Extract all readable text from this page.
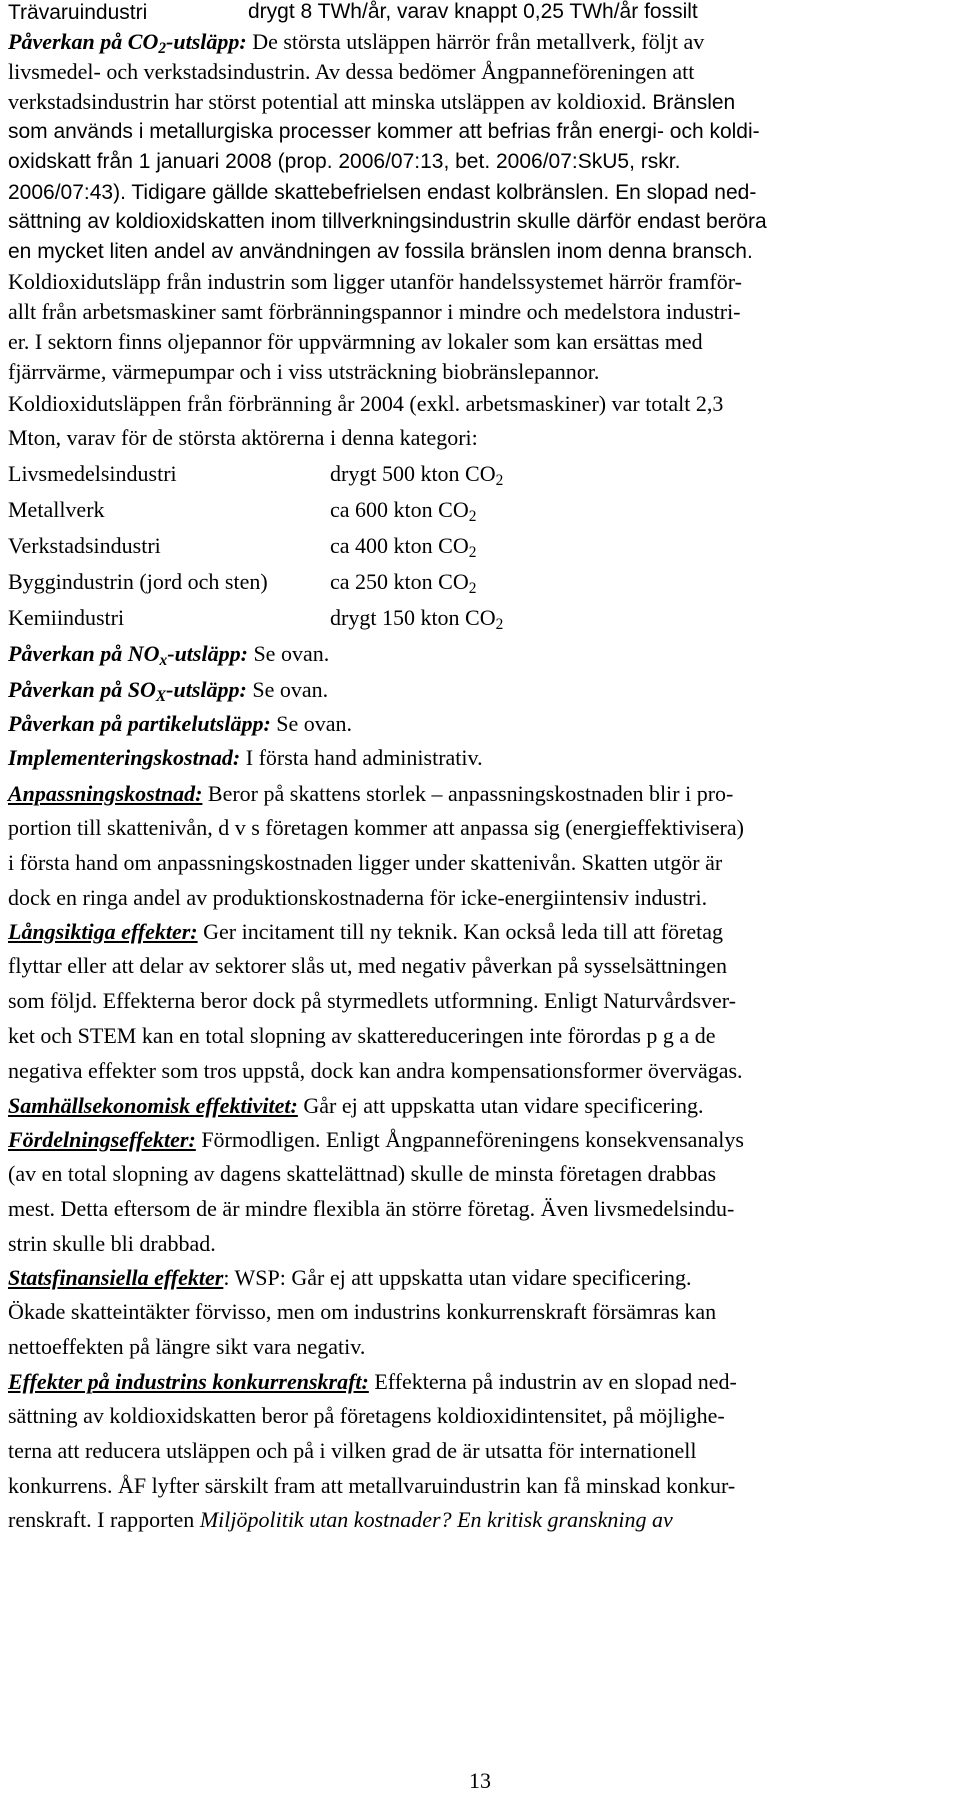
Trävaruindustri	drygt 8 TWh/år, varav knappt 0,25 TWh/år fossilt
Påverkan på $CO_2$-utsläpp: De största utsläppen härrör från metallverk, följt av
livsmedel- och verkstadsindustrin. Av dessa bedömer Ångpanneföreningen att
verkstadsindustrin har störst potential att minska utsläppen av koldioxid. Bränslen
som används i metallurgiska processer kommer att befrias från energi- och koldi-
oxidskatt från 1 januari 2008 (prop. 2006/07:13, bet. 2006/07:SkU5, rskr.
2006/07:43). Tidigare gällde skattebefrielsen endast kolbränslen. En slopad ned-
sättning av koldioxidskatten inom tillverkningsindustrin skulle därför endast beröra
en mycket liten andel av användningen av fossila bränslen inom denna bransch.
Koldioxidutsläpp från industrin som ligger utanför handelssystemet härrör framför-
allt från arbetsmaskiner samt förbränningspannor i mindre och medelstora industri-
er. I sektorn finns oljepannor för uppvärmning av lokaler som kan ersättas med
fjärrvärme, värmepumpar och i viss utsträckning biobränslepannor.
Koldioxidutsläppen från förbränning år 2004 (exkl. arbetsmaskiner) var totalt 2,3
Mton, varav för de största aktörerna i denna kategori:
Livsmedelsindustri	drygt 500 kton $CO_2$
Metallverk	ca 600 kton $CO_2$
Verkstadsindustri	ca 400 kton $CO_2$
Byggindustrin (jord och sten)	ca 250 kton $CO_2$
Kemiindustri	drygt 150 kton $CO_2$
Påverkan på $NO_x$-utsläpp: Se ovan.
Påverkan på $SO_X$-utsläpp: Se ovan.
Påverkan på partikelutsläpp: Se ovan.
Implementeringskostnad: I första hand administrativ.
Anpassningskostnad: Beror på skattens storlek – anpassningskostnaden blir i pro-
portion till skattenivån, d v s företagen kommer att anpassa sig (energieffektivisera)
i första hand om anpassningskostnaden ligger under skattenivån. Skatten utgör är
dock en ringa andel av produktionskostnaderna för icke-energiintensiv industri.
Långsiktiga effekter: Ger incitament till ny teknik. Kan också leda till att företag
flyttar eller att delar av sektorer slås ut, med negativ påverkan på sysselsättningen
som följd. Effekterna beror dock på styrmedlets utformning. Enligt Naturvårdsver-
ket och STEM kan en total slopning av skattereduceringen inte förordas p g a de
negativa effekter som tros uppstå, dock kan andra kompensationsformer övervägas.
Samhällsekonomisk effektivitet: Går ej att uppskatta utan vidare specificering.
Fördelningseffekter: Förmodligen. Enligt Ångpanneföreningens konsekvensanalys
(av en total slopning av dagens skattelättnad) skulle de minsta företagen drabbas
mest. Detta eftersom de är mindre flexibla än större företag. Även livsmedelsindu-
strin skulle bli drabbad.
Statsfinansiella effekter: WSP: Går ej att uppskatta utan vidare specificering.
Ökade skatteintäkter förvisso, men om industrins konkurrenskraft försämras kan
nettoeffekten på längre sikt vara negativ.
Effekter på industrins konkurrenskraft: Effekterna på industrin av en slopad ned-
sättning av koldioxidskatten beror på företagens koldioxidintensitet, på möjlighe-
terna att reducera utsläppen och på i vilken grad de är utsatta för internationell
konkurrens. ÅF lyfter särskilt fram att metallvaruindustrin kan få minskad konkur-
renskraft. I rapporten Miljöpolitik utan kostnader? En kritisk granskning av
13
